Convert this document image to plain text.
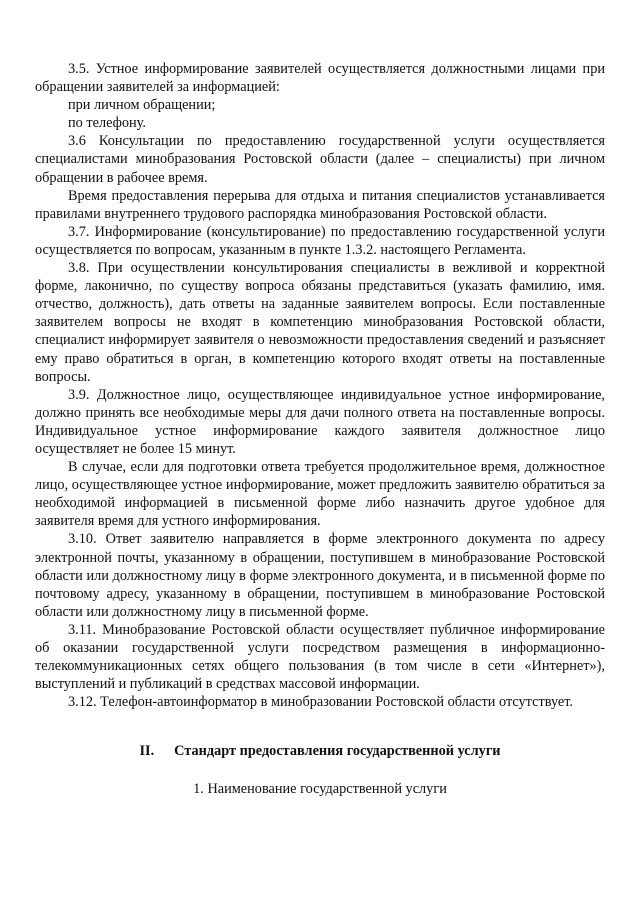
3.5. Устное информирование заявителей осуществляется должностными лицами при обращении заявителей за информацией:

при личном обращении;

по телефону.

3.6 Консультации по предоставлению государственной услуги осуществляется специалистами минобразования Ростовской области (далее – специалисты) при личном обращении в рабочее время.

Время предоставления перерыва для отдыха и питания специалистов устанавливается правилами внутреннего трудового распорядка минобразования Ростовской области.

3.7. Информирование (консультирование) по предоставлению государственной услуги осуществляется по вопросам, указанным в пункте 1.3.2. настоящего Регламента.

3.8. При осуществлении консультирования специалисты в вежливой и корректной форме, лаконично, по существу вопроса обязаны представиться (указать фамилию, имя. отчество, должность), дать ответы на заданные заявителем вопросы. Если поставленные заявителем вопросы не входят в компетенцию минобразования Ростовской области, специалист информирует заявителя о невозможности предоставления сведений и разъясняет ему право обратиться в орган, в компетенцию которого входят ответы на поставленные вопросы.

3.9. Должностное лицо, осуществляющее индивидуальное устное информирование, должно принять все необходимые меры для дачи полного ответа на поставленные вопросы. Индивидуальное устное информирование каждого заявителя должностное лицо осуществляет не более 15 минут.

В случае, если для подготовки ответа требуется продолжительное время, должностное лицо, осуществляющее устное информирование, может предложить заявителю обратиться за необходимой информацией в письменной форме либо назначить другое удобное для заявителя время для устного информирования.

3.10. Ответ заявителю направляется в форме электронного документа по адресу электронной почты, указанному в обращении, поступившем в минобразование Ростовской области или должностному лицу в форме электронного документа, и в письменной форме по почтовому адресу, указанному в обращении, поступившем в минобразование Ростовской области или должностному лицу в письменной форме.

3.11. Минобразование Ростовской области осуществляет публичное информирование об оказании государственной услуги посредством размещения в информационно-телекоммуникационных сетях общего пользования (в том числе в сети «Интернет»), выступлений и публикаций в средствах массовой информации.

3.12. Телефон-автоинформатор в минобразовании Ростовской области отсутствует.

II. Стандарт предоставления государственной услуги
1. Наименование государственной услуги
